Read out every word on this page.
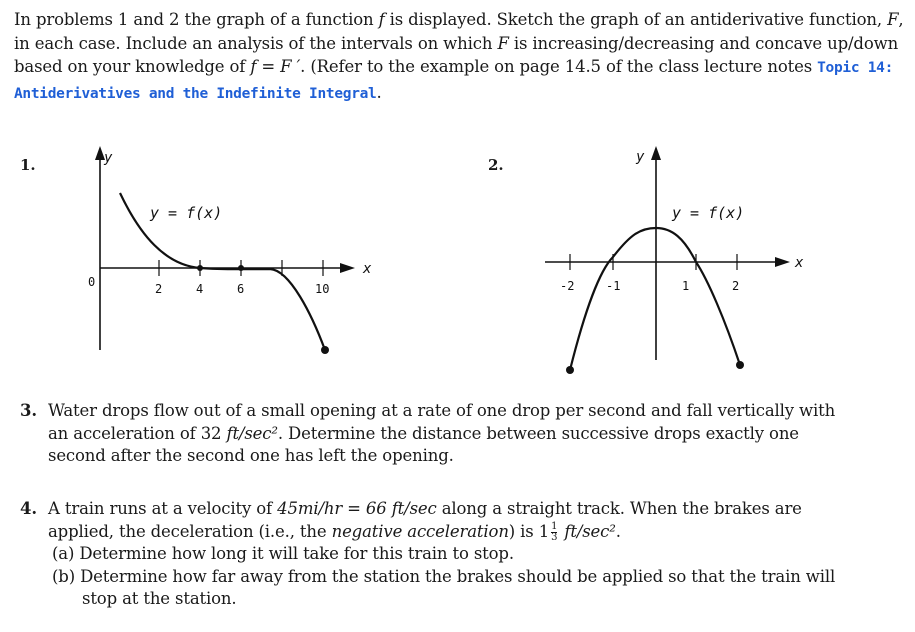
In problems 1 and 2 the graph of a function f is displayed. Sketch the graph of an antiderivative function, F, in each case. Include an analysis of the intervals on which F is increasing/decreasing and concave up/down based on your knowledge of f = F ′. (Refer to the example on page 14.5 of the class lecture notes Topic 14: Antiderivatives and the Indefinite Integral.
1.	y
x
0	2	4	6	10
y = f(x)
2.	y
x
-2	-1	1	2
y = f(x)
3. Water drops flow out of a small opening at a rate of one drop per second and fall vertically with
an acceleration of 32 ft/sec². Determine the distance between successive drops exactly one
second after the second one has left the opening.
4. A train runs at a velocity of 45mi/hr = 66 ft/sec along a straight track. When the brakes are
applied, the deceleration (i.e., the negative acceleration) is $1 \frac{1}{3} ft/\sec^2$.
(a) Determine how long it will take for this train to stop.
(b) Determine how far away from the station the brakes should be applied so that the train will
stop at the station.
